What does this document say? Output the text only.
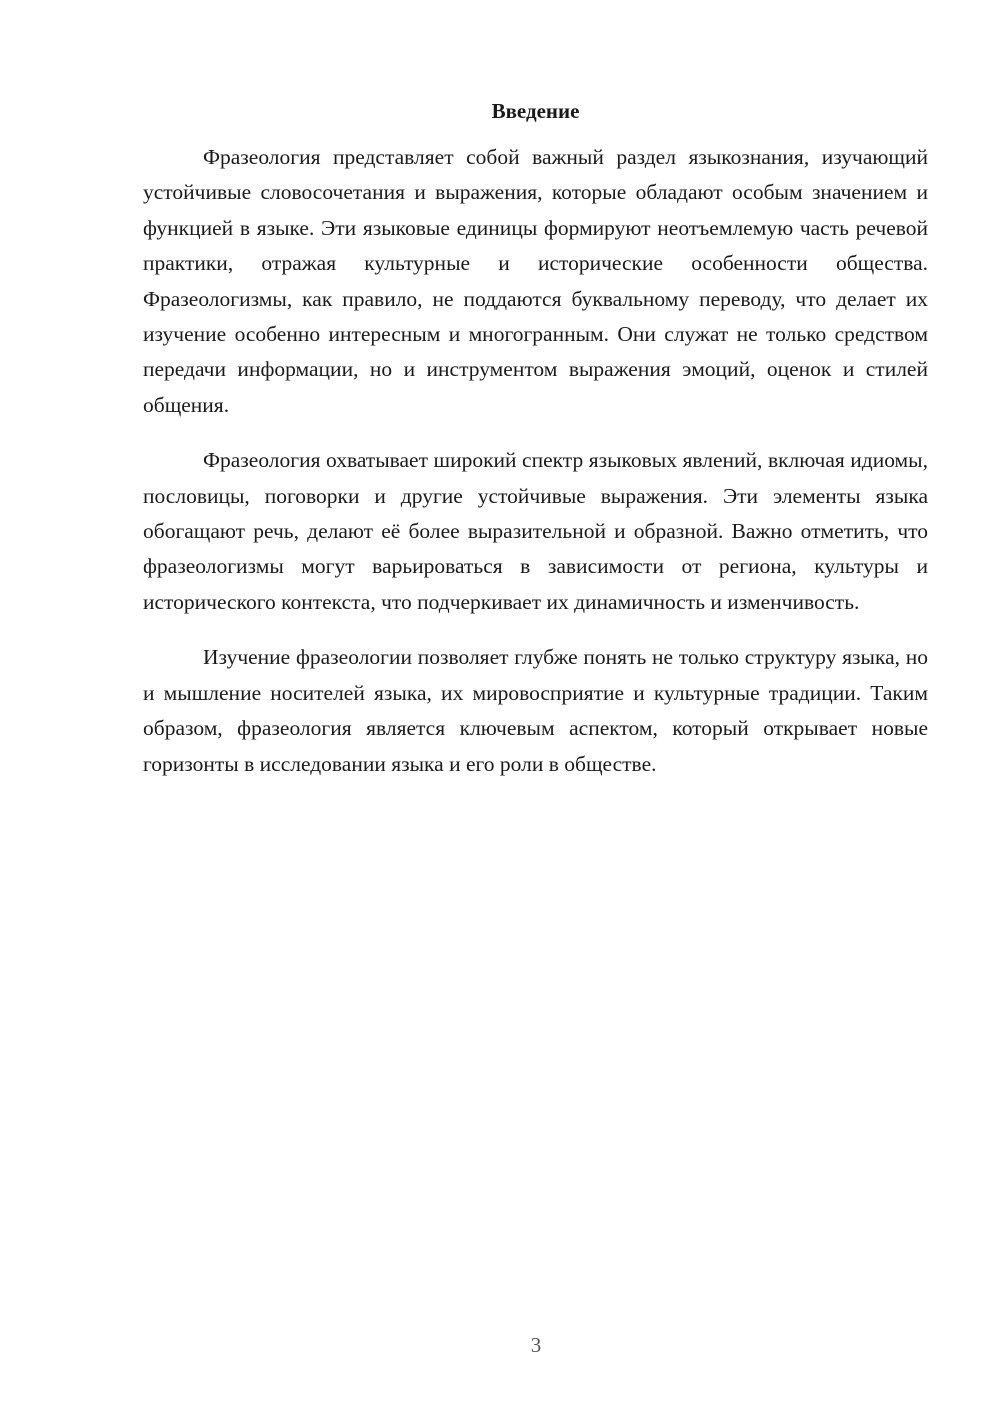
Введение

Фразеология представляет собой важный раздел языкознания, изучающий устойчивые словосочетания и выражения, которые обладают особым значением и функцией в языке. Эти языковые единицы формируют неотъемлемую часть речевой практики, отражая культурные и исторические особенности общества. Фразеологизмы, как правило, не поддаются буквальному переводу, что делает их изучение особенно интересным и многогранным. Они служат не только средством передачи информации, но и инструментом выражения эмоций, оценок и стилей общения.

Фразеология охватывает широкий спектр языковых явлений, включая идиомы, пословицы, поговорки и другие устойчивые выражения. Эти элементы языка обогащают речь, делают её более выразительной и образной. Важно отметить, что фразеологизмы могут варьироваться в зависимости от региона, культуры и исторического контекста, что подчеркивает их динамичность и изменчивость.

Изучение фразеологии позволяет глубже понять не только структуру языка, но и мышление носителей языка, их мировосприятие и культурные традиции. Таким образом, фразеология является ключевым аспектом, который открывает новые горизонты в исследовании языка и его роли в обществе.

3
